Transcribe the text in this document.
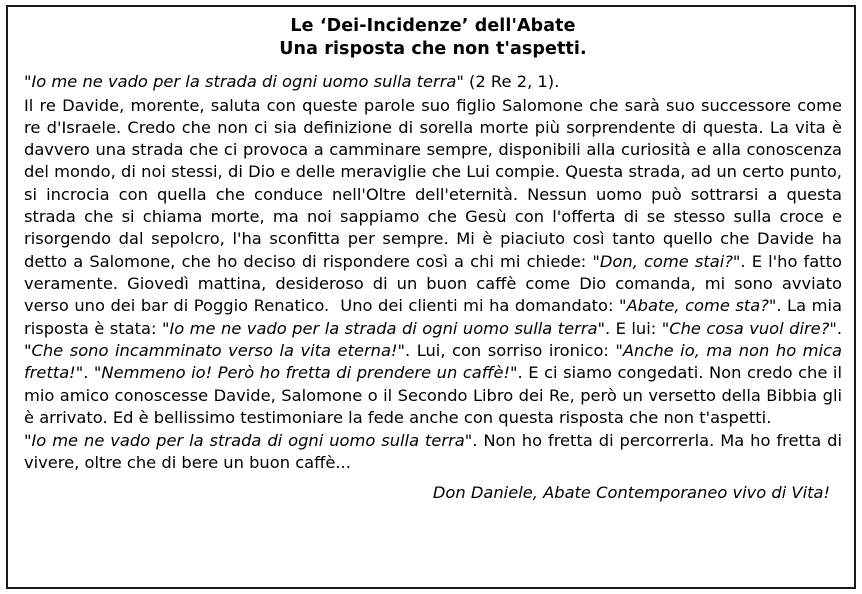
Le ‘Dei-Incidenze’ dell'Abate
Una risposta che non t'aspetti.

"Io me ne vado per la strada di ogni uomo sulla terra" (2 Re 2, 1).

Il re Davide, morente, saluta con queste parole suo figlio Salomone che sarà suo successore come re d'Israele. Credo che non ci sia definizione di sorella morte più sorprendente di questa. La vita è davvero una strada che ci provoca a camminare sempre, disponibili alla curiosità e alla conoscenza del mondo, di noi stessi, di Dio e delle meraviglie che Lui compie. Questa strada, ad un certo punto, si incrocia con quella che conduce nell'Oltre dell'eternità. Nessun uomo può sottrarsi a questa strada che si chiama morte, ma noi sappiamo che Gesù con l'offerta di se stesso sulla croce e risorgendo dal sepolcro, l'ha sconfitta per sempre. Mi è piaciuto così tanto quello che Davide ha detto a Salomone, che ho deciso di rispondere così a chi mi chiede: "Don, come stai?". E l'ho fatto veramente. Giovedì mattina, desideroso di un buon caffè come Dio comanda, mi sono avviato verso uno dei bar di Poggio Renatico.  Uno dei clienti mi ha domandato: "Abate, come sta?". La mia risposta è stata: "Io me ne vado per la strada di ogni uomo sulla terra". E lui: "Che cosa vuol dire?". "Che sono incamminato verso la vita eterna!". Lui, con sorriso ironico: "Anche io, ma non ho mica fretta!". "Nemmeno io! Però ho fretta di prendere un caffè!". E ci siamo congedati. Non credo che il mio amico conoscesse Davide, Salomone o il Secondo Libro dei Re, però un versetto della Bibbia gli è arrivato. Ed è bellissimo testimoniare la fede anche con questa risposta che non t'aspetti.

"Io me ne vado per la strada di ogni uomo sulla terra". Non ho fretta di percorrerla. Ma ho fretta di vivere, oltre che di bere un buon caffè...

Don Daniele, Abate Contemporaneo vivo di Vita!
